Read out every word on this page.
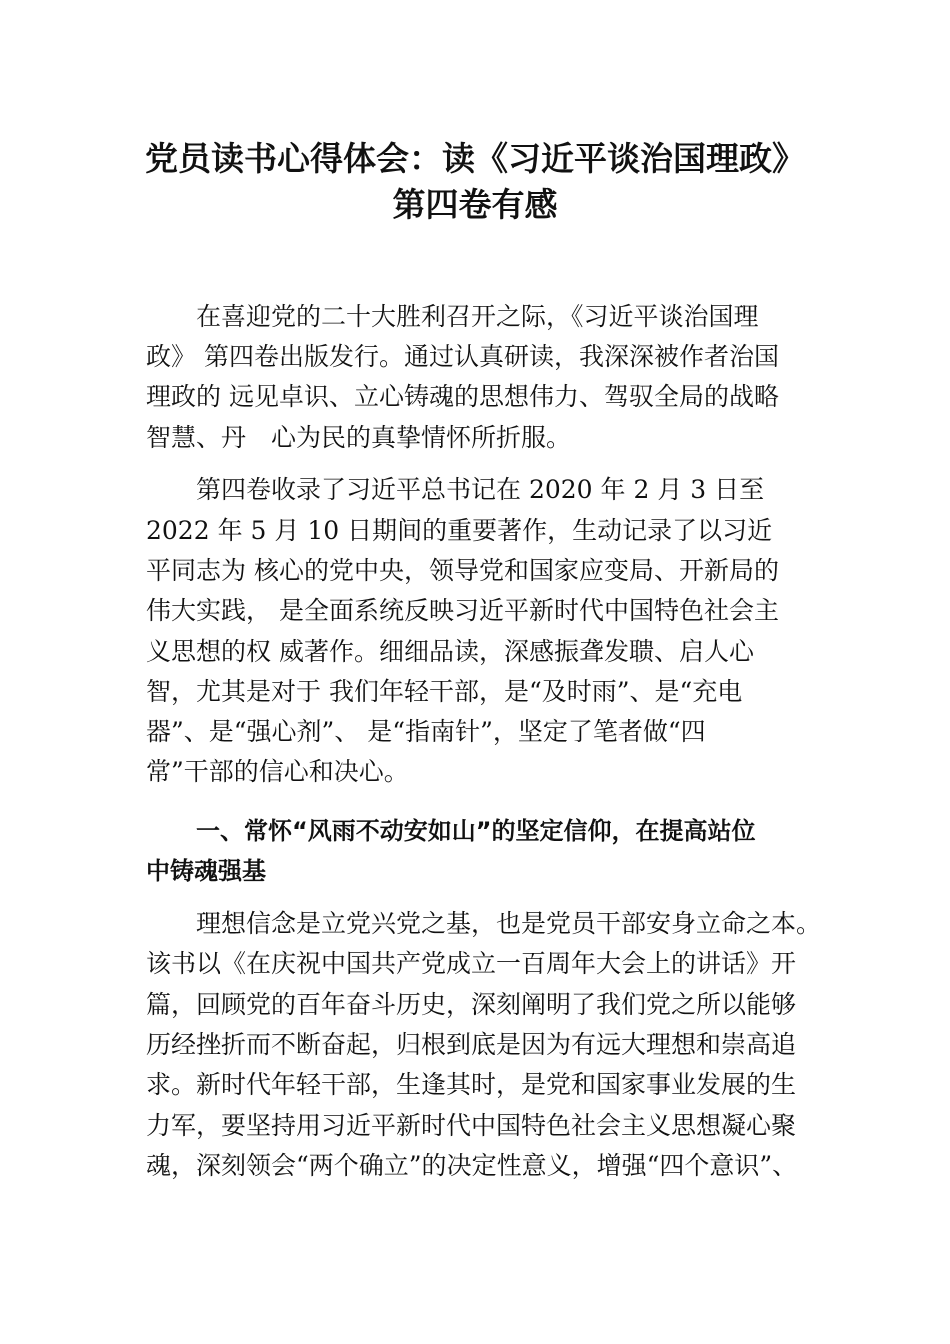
党员读书心得体会：读《习近平谈治国理政》
第四卷有感
在喜迎党的二十大胜利召开之际，《习近平谈治国理
政》 第四卷出版发行。通过认真研读，我深深被作者治国
理政的 远见卓识、立心铸魂的思想伟力、驾驭全局的战略
智慧、丹　心为民的真挚情怀所折服。
第四卷收录了习近平总书记在 2020 年 2 月 3 日至
2022 年 5 月 10 日期间的重要著作，生动记录了以习近
平同志为 核心的党中央，领导党和国家应变局、开新局的
伟大实践， 是全面系统反映习近平新时代中国特色社会主
义思想的权 威著作。细细品读，深感振聋发聩、启人心
智，尤其是对于 我们年轻干部，是“及时雨”、是“充电
器”、是“强心剂”、 是“指南针”，坚定了笔者做“四
常”干部的信心和决心。
一、常怀“风雨不动安如山”的坚定信仰，在提高站位
中铸魂强基
理想信念是立党兴党之基，也是党员干部安身立命之本。
该书以《在庆祝中国共产党成立一百周年大会上的讲话》开
篇，回顾党的百年奋斗历史，深刻阐明了我们党之所以能够
历经挫折而不断奋起，归根到底是因为有远大理想和崇高追
求。新时代年轻干部，生逢其时，是党和国家事业发展的生
力军，要坚持用习近平新时代中国特色社会主义思想凝心聚
魂，深刻领会“两个确立”的决定性意义，增强“四个意识”、
